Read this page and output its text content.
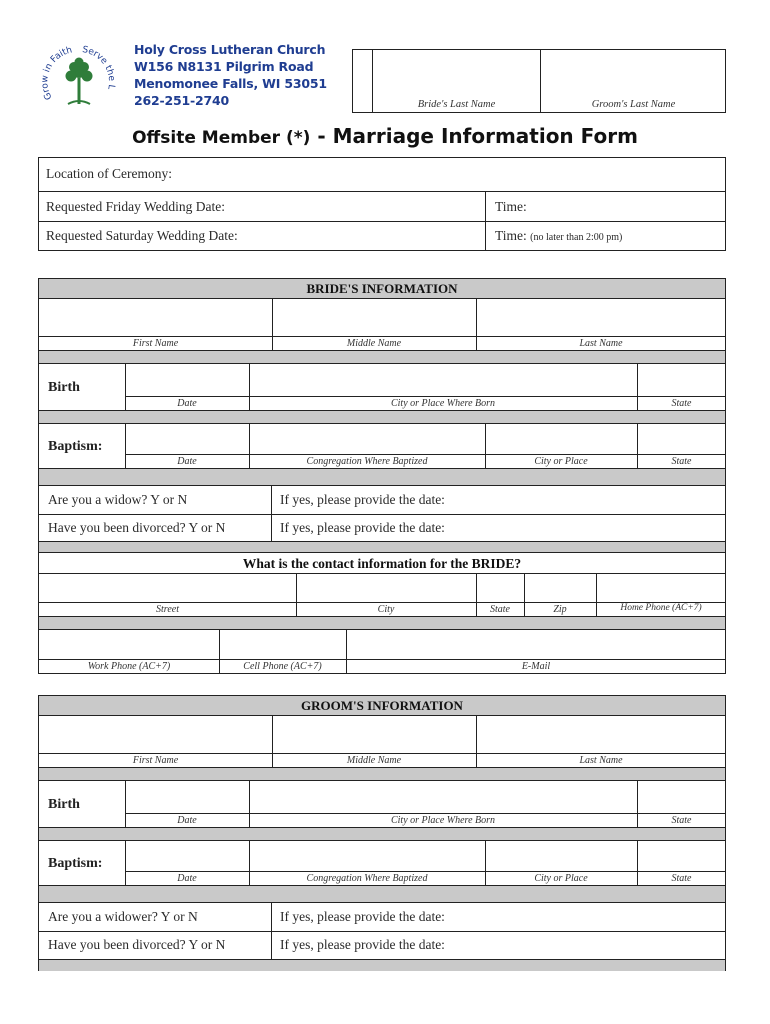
Grow in Faith Serve the L
Holy Cross Lutheran Church
W156 N8131 Pilgrim Road
Menomonee Falls, WI 53051
262-251-2740	Bride's Last Name	Groom's Last Name
Offsite Member (*) - Marriage Information Form
Location of Ceremony:
Requested Friday Wedding Date:	Time:
Requested Saturday Wedding Date:	Time: (no later than 2:00 pm)
BRIDE'S INFORMATION
First Name	Middle Name	Last Name
Birth
Date	City or Place Where Born	State
Baptism:
Date	Congregation Where Baptized	City or Place	State
Are you a widow? Y or N	If yes, please provide the date:
Have you been divorced? Y or N	If yes, please provide the date:
What is the contact information for the BRIDE?
Street	City	State	Zip	Home Phone (AC+7)
Work Phone (AC+7)	Cell Phone (AC+7)	E-Mail
GROOM'S INFORMATION
First Name	Middle Name	Last Name
Birth
Date	City or Place Where Born	State
Baptism:
Date	Congregation Where Baptized	City or Place	State
Are you a widower? Y or N	If yes, please provide the date:
Have you been divorced? Y or N	If yes, please provide the date:
